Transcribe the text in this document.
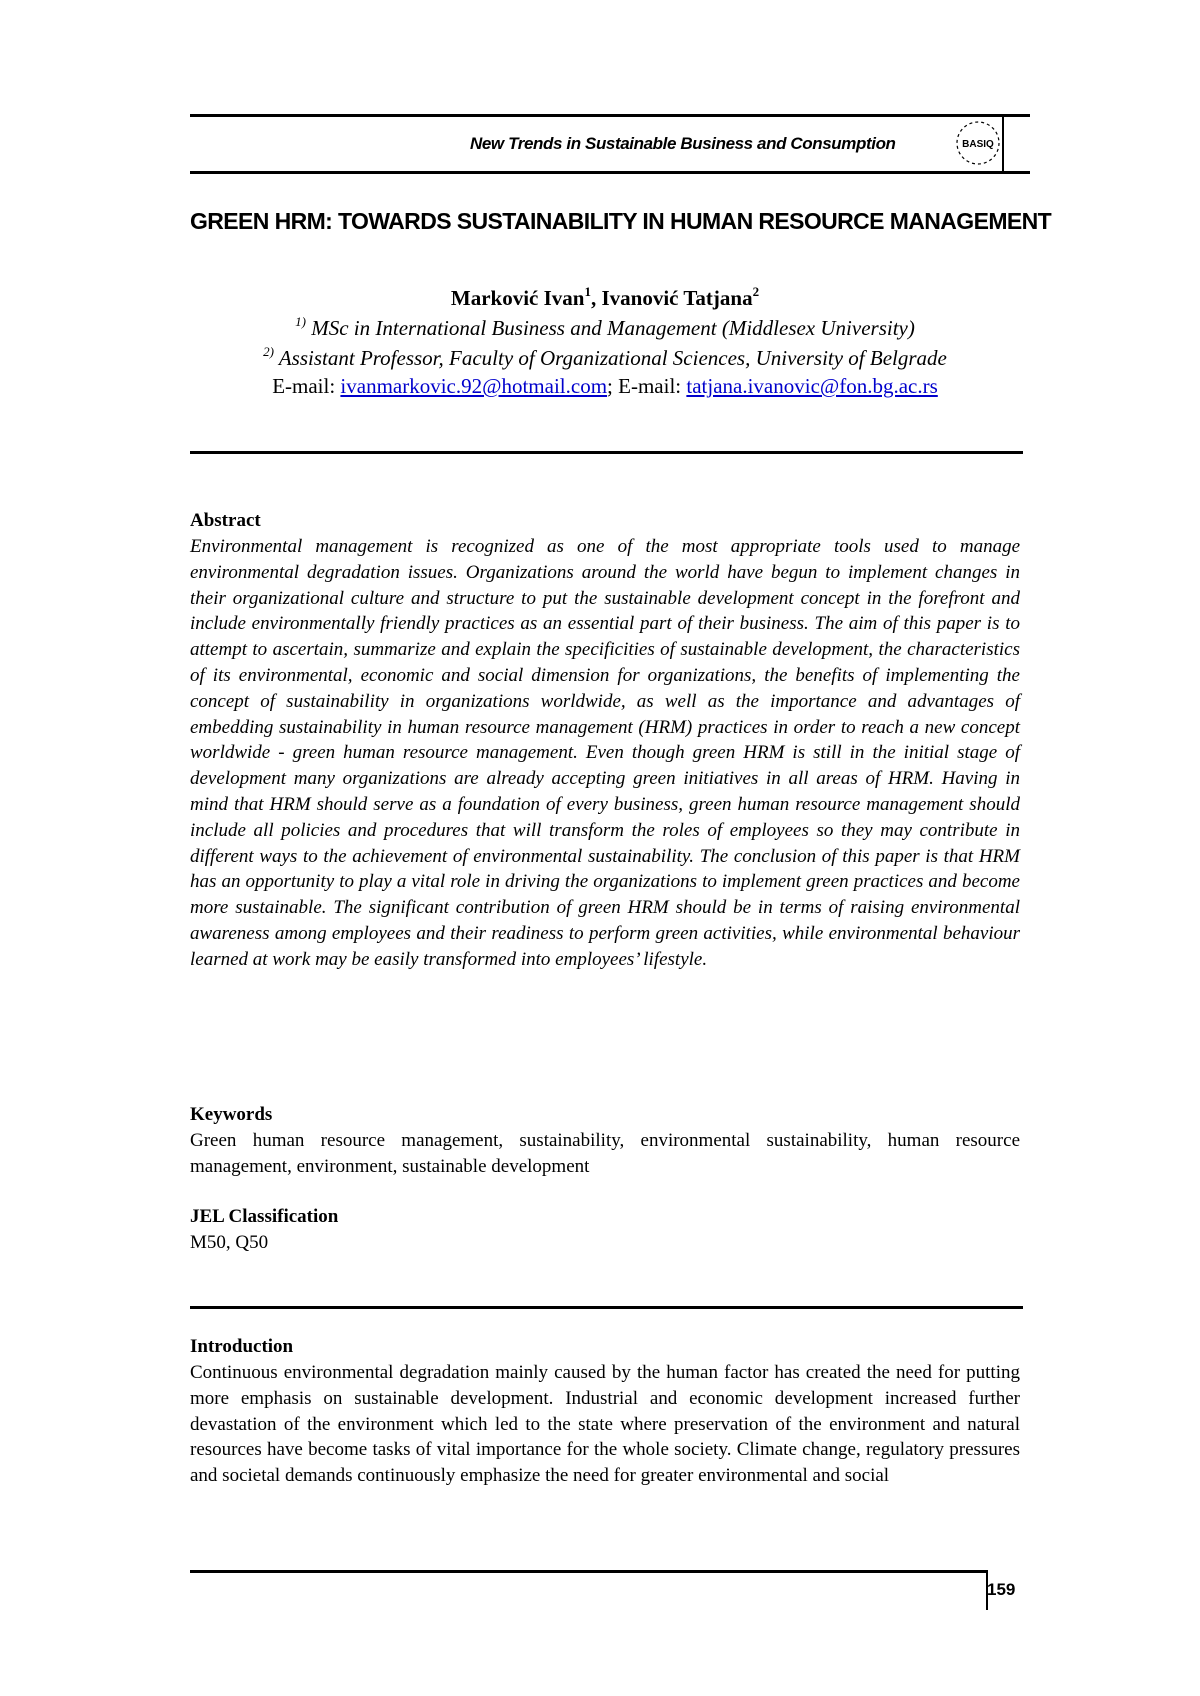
New Trends in Sustainable Business and Consumption	BASIQ
GREEN HRM: TOWARDS SUSTAINABILITY IN HUMAN RESOURCE MANAGEMENT
Marković Ivan$^1$, Ivanović Tatjana$^2$
$^{1)}$ MSc in International Business and Management (Middlesex University)
$^{2)}$ Assistant Professor, Faculty of Organizational Sciences, University of Belgrade
E-mail: ivanmarkovic.92@hotmail.com; E-mail: tatjana.ivanovic@fon.bg.ac.rs
Abstract
Environmental management is recognized as one of the most appropriate tools used to manage environmental degradation issues. Organizations around the world have begun to implement changes in their organizational culture and structure to put the sustainable development concept in the forefront and include environmentally friendly practices as an essential part of their business. The aim of this paper is to attempt to ascertain, summarize and explain the specificities of sustainable development, the characteristics of its environmental, economic and social dimension for organizations, the benefits of implementing the concept of sustainability in organizations worldwide, as well as the importance and advantages of embedding sustainability in human resource management (HRM) practices in order to reach a new concept worldwide - green human resource management. Even though green HRM is still in the initial stage of development many organizations are already accepting green initiatives in all areas of HRM. Having in mind that HRM should serve as a foundation of every business, green human resource management should include all policies and procedures that will transform the roles of employees so they may contribute in different ways to the achievement of environmental sustainability. The conclusion of this paper is that HRM has an opportunity to play a vital role in driving the organizations to implement green practices and become more sustainable. The significant contribution of green HRM should be in terms of raising environmental awareness among employees and their readiness to perform green activities, while environmental behaviour learned at work may be easily transformed into employees’ lifestyle.
Keywords
Green human resource management, sustainability, environmental sustainability, human resource management, environment, sustainable development
JEL Classification
M50, Q50
Introduction
Continuous environmental degradation mainly caused by the human factor has created the need for putting more emphasis on sustainable development. Industrial and economic development increased further devastation of the environment which led to the state where preservation of the environment and natural resources have become tasks of vital importance for the whole society. Climate change, regulatory pressures and societal demands continuously emphasize the need for greater environmental and social
159
